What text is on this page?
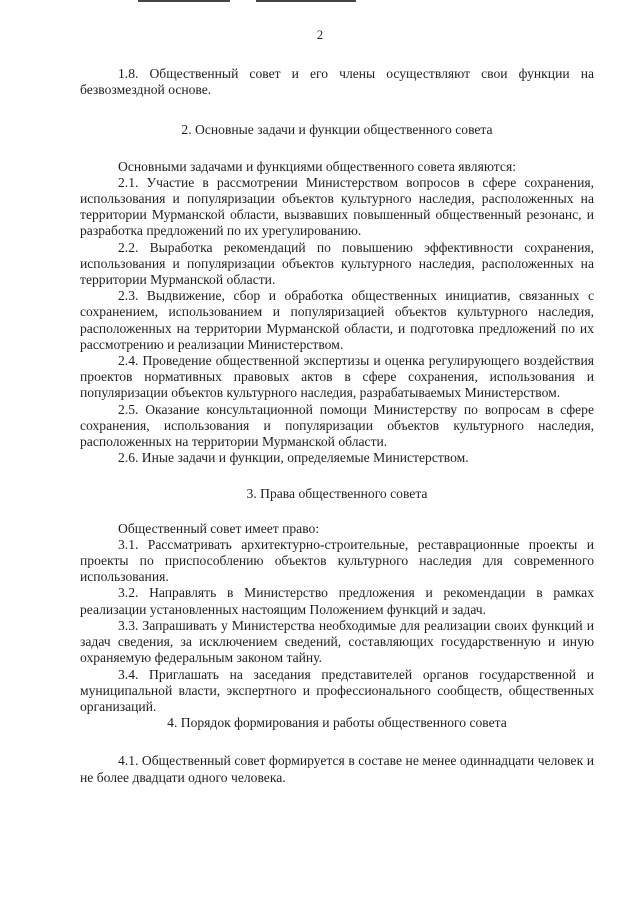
2

1.8. Общественный совет и его члены осуществляют свои функции на безвозмездной основе.

2. Основные задачи и функции общественного совета

Основными задачами и функциями общественного совета являются:

2.1. Участие в рассмотрении Министерством вопросов в сфере сохранения, использования и популяризации объектов культурного наследия, расположенных на территории Мурманской области, вызвавших повышенный общественный резонанс, и разработка предложений по их урегулированию.

2.2. Выработка рекомендаций по повышению эффективности сохранения, использования и популяризации объектов культурного наследия, расположенных на территории Мурманской области.

2.3. Выдвижение, сбор и обработка общественных инициатив, связанных с сохранением, использованием и популяризацией объектов культурного наследия, расположенных на территории Мурманской области, и подготовка предложений по их рассмотрению и реализации Министерством.

2.4. Проведение общественной экспертизы и оценка регулирующего воздействия проектов нормативных правовых актов в сфере сохранения, использования и популяризации объектов культурного наследия, разрабатываемых Министерством.

2.5. Оказание консультационной помощи Министерству по вопросам в сфере сохранения, использования и популяризации объектов культурного наследия, расположенных на территории Мурманской области.

2.6. Иные задачи и функции, определяемые Министерством.

3. Права общественного совета

Общественный совет имеет право:

3.1. Рассматривать архитектурно-строительные, реставрационные проекты и проекты по приспособлению объектов культурного наследия для современного использования.

3.2. Направлять в Министерство предложения и рекомендации в рамках реализации установленных настоящим Положением функций и задач.

3.3. Запрашивать у Министерства необходимые для реализации своих функций и задач сведения, за исключением сведений, составляющих государственную и иную охраняемую федеральным законом тайну.

3.4. Приглашать на заседания представителей органов государственной и муниципальной власти, экспертного и профессионального сообществ, общественных организаций.

4. Порядок формирования и работы общественного совета

4.1. Общественный совет формируется в составе не менее одиннадцати человек и не более двадцати одного человека.
